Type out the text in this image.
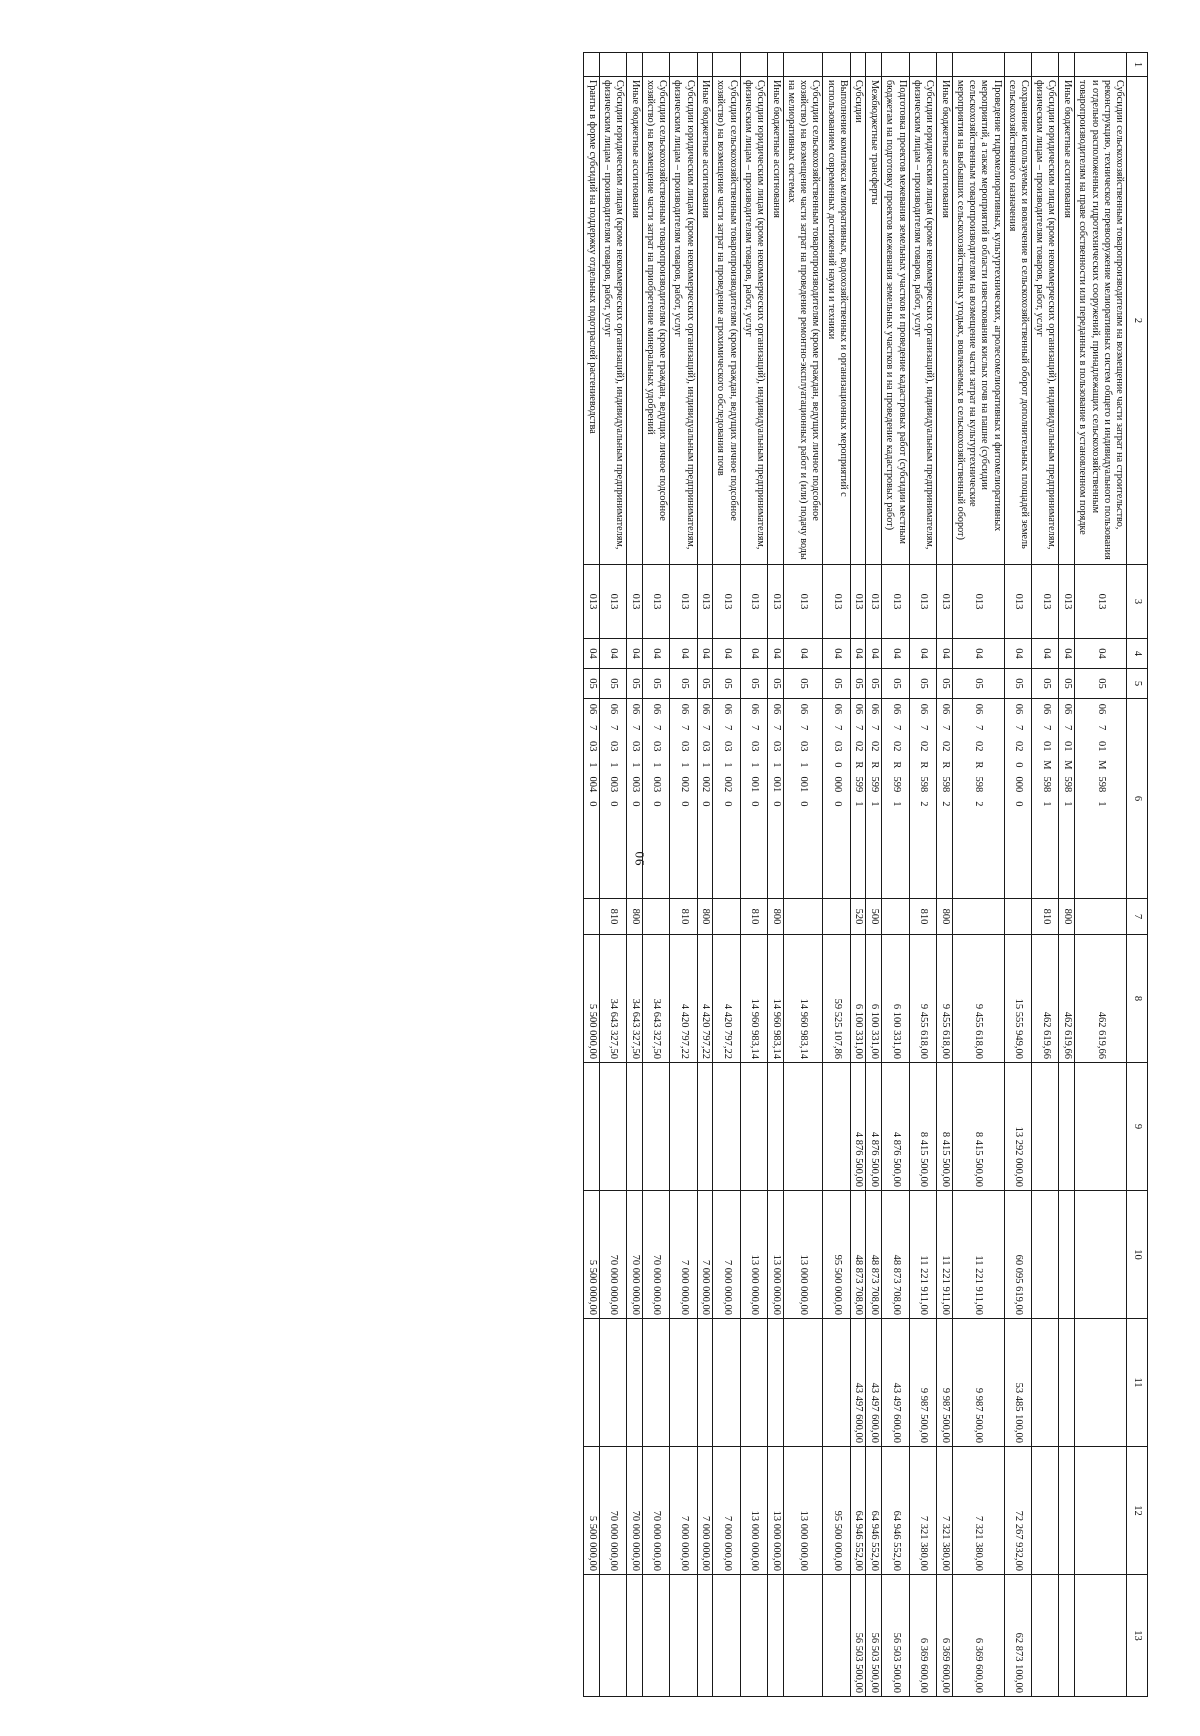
90
1	2	3	4	5	6	7	8	9	10	11	12	13
	Субсидии сельскохозяйственным товаропроизводителям на возмещение части затрат на строительство, реконструкцию, техническое перевооружение мелиоративных систем общего и индивидуального пользования и отдельно расположенных гидротехнических сооружений, принадлежащих сельскохозяйственным товаропроизводителям на праве собственности или переданных в пользование в установленном порядке	013	04	05	06 7 01 М 598 1		462 619,66					
	Иные бюджетные ассигнования	013	04	05	06 7 01 М 598 1	800	462 619,66					
	Субсидии юридическим лицам (кроме некоммерческих организаций), индивидуальным предпринимателям, физическим лицам – производителям товаров, работ, услуг	013	04	05	06 7 01 М 598 1	810	462 619,66					
	Сохранение используемых и вовлечение в сельскохозяйственный оборот дополнительных площадей земель сельскохозяйственного назначения	013	04	05	06 7 02 0 000 0		15 555 949,00	13 292 000,00	60 095 619,00	53 485 100,00	72 267 932,00	62 873 100,00
	Проведение гидромелиоративных, культуртехнических, агролесомелиоративных и фитомелиоративных мероприятий, а также мероприятий в области известкования кислых почв на пашне (субсидии сельскохозяйственным товаропроизводителям на возмещение части затрат на культуртехнические мероприятия на выбывших сельскохозяйственных угодьях, вовлекаемых в сельскохозяйственный оборот)	013	04	05	06 7 02 R 598 2		9 455 618,00	8 415 500,00	11 221 911,00	9 987 500,00	7 321 380,00	6 369 600,00
	Иные бюджетные ассигнования	013	04	05	06 7 02 R 598 2	800	9 455 618,00	8 415 500,00	11 221 911,00	9 987 500,00	7 321 380,00	6 369 600,00
	Субсидии юридическим лицам (кроме некоммерческих организаций), индивидуальным предпринимателям, физическим лицам – производителям товаров, работ, услуг	013	04	05	06 7 02 R 598 2	810	9 455 618,00	8 415 500,00	11 221 911,00	9 987 500,00	7 321 380,00	6 369 600,00
	Подготовка проектов межевания земельных участков и проведение кадастровых работ (субсидии местным бюджетам на подготовку проектов межевания земельных участков и на проведение кадастровых работ)	013	04	05	06 7 02 R 599 1		6 100 331,00	4 876 500,00	48 873 708,00	43 497 600,00	64 946 552,00	56 503 500,00
	Межбюджетные трансферты	013	04	05	06 7 02 R 599 1	500	6 100 331,00	4 876 500,00	48 873 708,00	43 497 600,00	64 946 552,00	56 503 500,00
	Субсидии	013	04	05	06 7 02 R 599 1	520	6 100 331,00	4 876 500,00	48 873 708,00	43 497 600,00	64 946 552,00	56 503 500,00
	Выполнение комплекса мелиоративных, водохозяйственных и организационных мероприятий с использованием современных достижений науки и техники	013	04	05	06 7 03 0 000 0		59 525 107,86		95 500 000,00		95 500 000,00	
	Субсидии сельскохозяйственным товаропроизводителям (кроме граждан, ведущих личное подсобное хозяйство) на возмещение части затрат на проведение ремонтно-эксплуатационных работ и (или) подачу воды на мелиоративных системах	013	04	05	06 7 03 1 001 0		14 960 983,14		13 000 000,00		13 000 000,00	
	Иные бюджетные ассигнования	013	04	05	06 7 03 1 001 0	800	14 960 983,14		13 000 000,00		13 000 000,00	
	Субсидии юридическим лицам (кроме некоммерческих организаций), индивидуальным предпринимателям, физическим лицам – производителям товаров, работ, услуг	013	04	05	06 7 03 1 001 0	810	14 960 983,14		13 000 000,00		13 000 000,00	
	Субсидии сельскохозяйственным товаропроизводителям (кроме граждан, ведущих личное подсобное хозяйство) на возмещение части затрат на проведение агрохимического обследования почв	013	04	05	06 7 03 1 002 0		4 420 797,22		7 000 000,00		7 000 000,00	
	Иные бюджетные ассигнования	013	04	05	06 7 03 1 002 0	800	4 420 797,22		7 000 000,00		7 000 000,00	
	Субсидии юридическим лицам (кроме некоммерческих организаций), индивидуальным предпринимателям, физическим лицам – производителям товаров, работ, услуг	013	04	05	06 7 03 1 002 0	810	4 420 797,22		7 000 000,00		7 000 000,00	
	Субсидии сельскохозяйственным товаропроизводителям (кроме граждан, ведущих личное подсобное хозяйство) на возмещение части затрат на приобретение минеральных удобрений	013	04	05	06 7 03 1 003 0		34 643 327,50		70 000 000,00		70 000 000,00	
	Иные бюджетные ассигнования	013	04	05	06 7 03 1 003 0	800	34 643 327,50		70 000 000,00		70 000 000,00	
	Субсидии юридическим лицам (кроме некоммерческих организаций), индивидуальным предпринимателям, физическим лицам – производителям товаров, работ, услуг	013	04	05	06 7 03 1 003 0	810	34 643 327,50		70 000 000,00		70 000 000,00	
	Гранты в форме субсидий на поддержку отдельных подотраслей растениеводства	013	04	05	06 7 03 1 004 0		5 500 000,00		5 500 000,00		5 500 000,00	
